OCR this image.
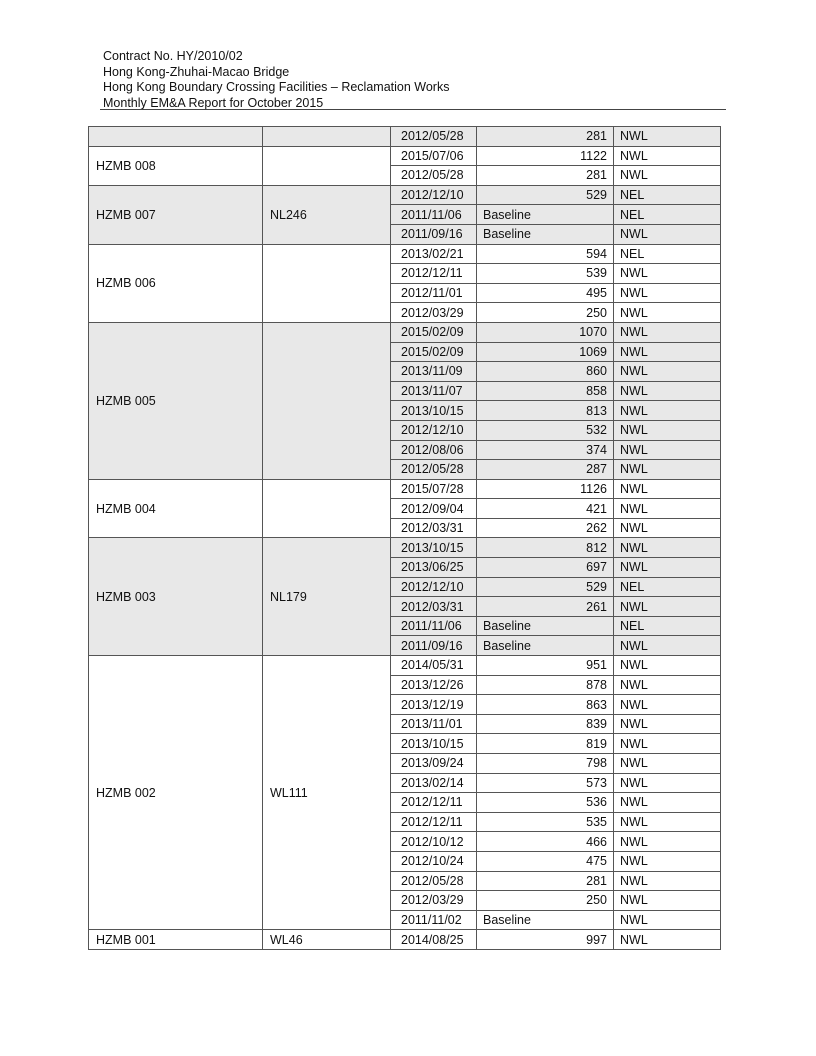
Contract No. HY/2010/02
Hong Kong-Zhuhai-Macao Bridge
Hong Kong Boundary Crossing Facilities – Reclamation Works
Monthly EM&A Report for October 2015
		2012/05/28	281	NWL
HZMB 008		2015/07/06	1122	NWL
		2012/05/28	281	NWL
HZMB 007	NL246	2012/12/10	529	NEL
		2011/11/06	Baseline	NEL
		2011/09/16	Baseline	NWL
HZMB 006		2013/02/21	594	NEL
		2012/12/11	539	NWL
		2012/11/01	495	NWL
		2012/03/29	250	NWL
HZMB 005		2015/02/09	1070	NWL
		2015/02/09	1069	NWL
		2013/11/09	860	NWL
		2013/11/07	858	NWL
		2013/10/15	813	NWL
		2012/12/10	532	NWL
		2012/08/06	374	NWL
		2012/05/28	287	NWL
HZMB 004		2015/07/28	1126	NWL
		2012/09/04	421	NWL
		2012/03/31	262	NWL
HZMB 003	NL179	2013/10/15	812	NWL
		2013/06/25	697	NWL
		2012/12/10	529	NEL
		2012/03/31	261	NWL
		2011/11/06	Baseline	NEL
		2011/09/16	Baseline	NWL
HZMB 002	WL111	2014/05/31	951	NWL
		2013/12/26	878	NWL
		2013/12/19	863	NWL
		2013/11/01	839	NWL
		2013/10/15	819	NWL
		2013/09/24	798	NWL
		2013/02/14	573	NWL
		2012/12/11	536	NWL
		2012/12/11	535	NWL
		2012/10/12	466	NWL
		2012/10/24	475	NWL
		2012/05/28	281	NWL
		2012/03/29	250	NWL
		2011/11/02	Baseline	NWL
HZMB 001	WL46	2014/08/25	997	NWL
